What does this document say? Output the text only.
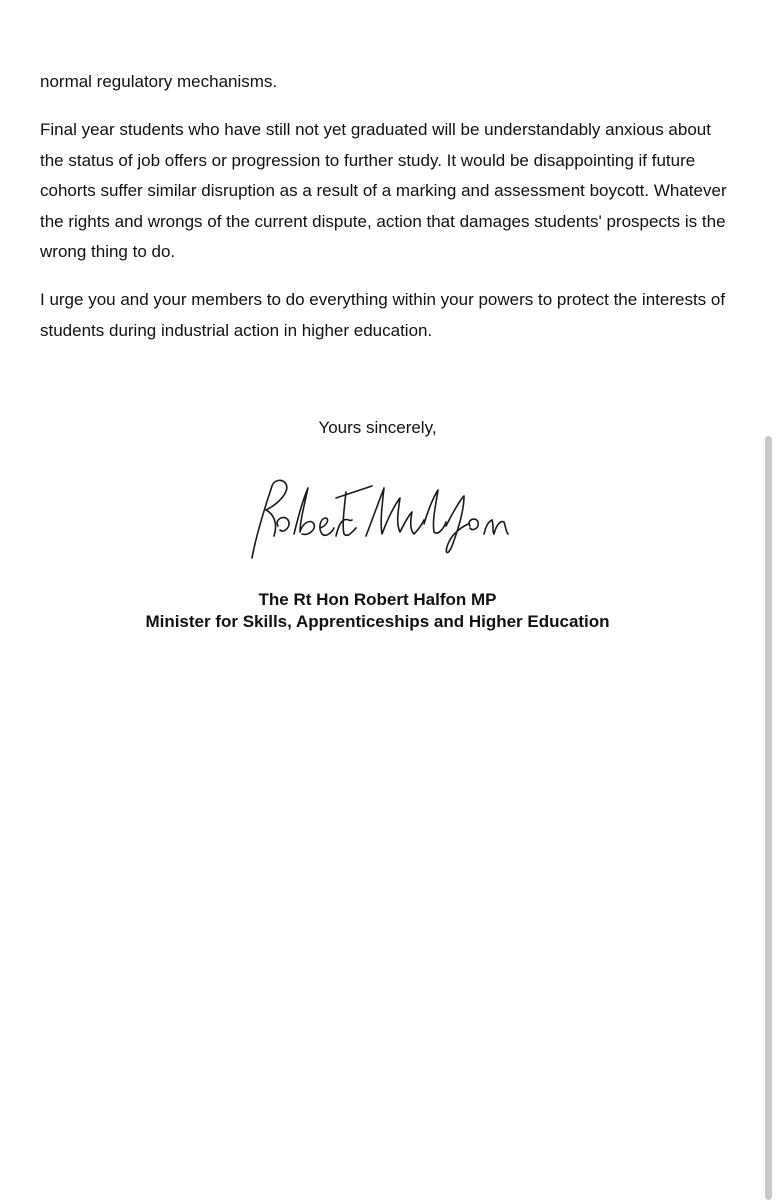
normal regulatory mechanisms.

Final year students who have still not yet graduated will be understandably anxious about the status of job offers or progression to further study. It would be disappointing if future cohorts suffer similar disruption as a result of a marking and assessment boycott. Whatever the rights and wrongs of the current dispute, action that damages students' prospects is the wrong thing to do.

I urge you and your members to do everything within your powers to protect the interests of students during industrial action in higher education.

Yours sincerely,

The Rt Hon Robert Halfon MP

Minister for Skills, Apprenticeships and Higher Education
